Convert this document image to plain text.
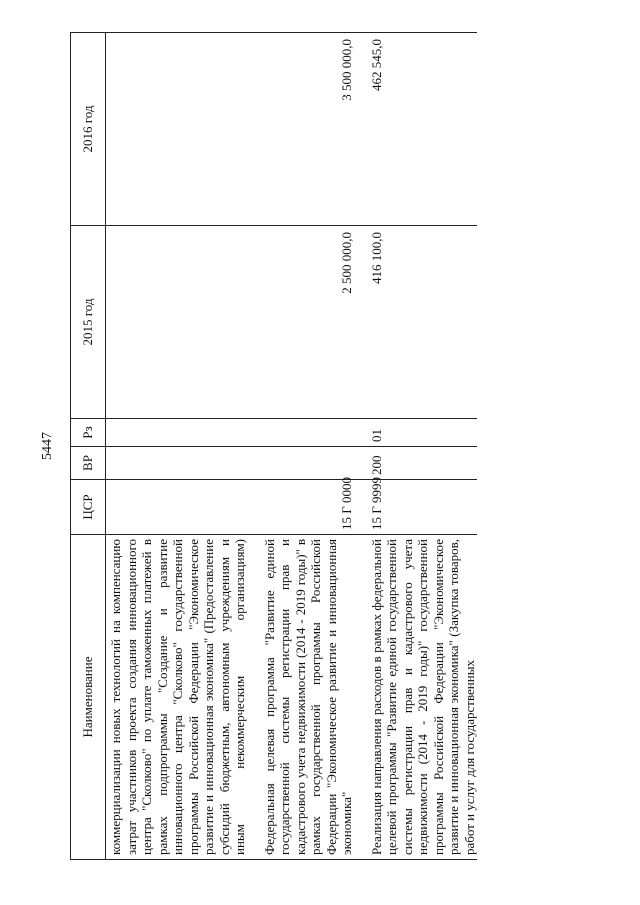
5447
Наименование	ЦСР	ВР	Рз	2015 год	2016 год
коммерциализации новых технологий на компенсацию затрат участников проекта создания инновационного центра "Сколково" по уплате таможенных платежей в рамках подпрограммы "Создание и развитие инновационного центра "Сколково" государственной программы Российской Федерации "Экономическое развитие и инновационная экономика" (Предоставление субсидий бюджетным, автономным учреждениям и иным некоммерческим организациям)					

Федеральная целевая программа "Развитие единой государственной системы регистрации прав и кадастрового учета недвижимости (2014 - 2019 годы)" в рамках государственной программы Российской Федерации "Экономическое развитие и инновационная экономика"	15 Г 0000			2 500 000,0	3 500 000,0

Реализация направления расходов в рамках федеральной целевой программы "Развитие единой государственной системы регистрации прав и кадастрового учета недвижимости (2014 - 2019 годы)" государственной программы Российской Федерации "Экономическое развитие и инновационная экономика" (Закупка товаров, работ и услуг для государственных	15 Г 9999	200	01	416 100,0	462 545,0
